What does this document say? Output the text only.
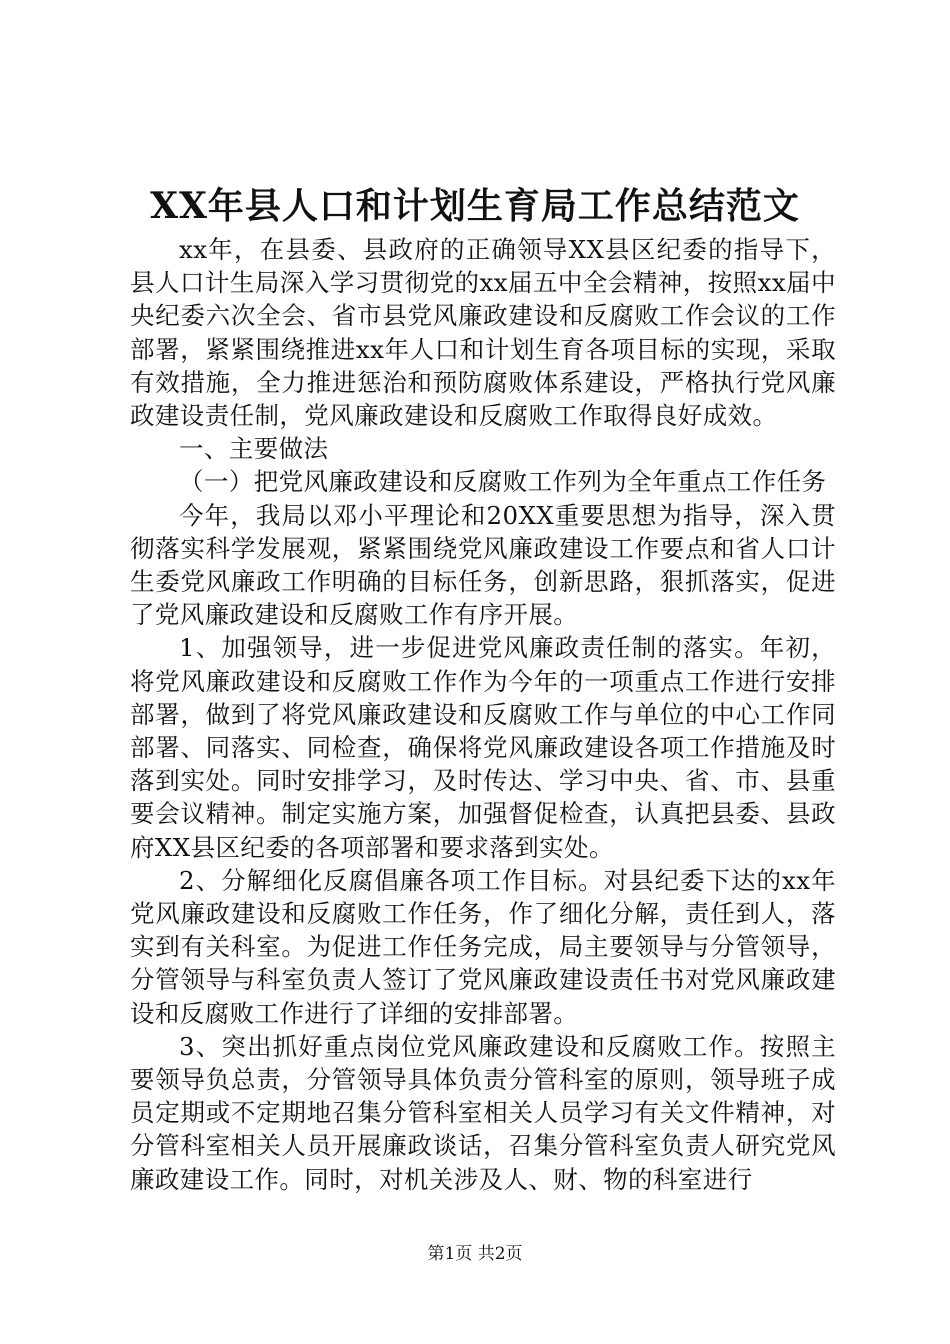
XX年县人口和计划生育局工作总结范文

xx年，在县委、县政府的正确领导XX县区纪委的指导下，县人口计生局深入学习贯彻党的xx届五中全会精神，按照xx届中央纪委六次全会、省市县党风廉政建设和反腐败工作会议的工作部署，紧紧围绕推进xx年人口和计划生育各项目标的实现，采取有效措施，全力推进惩治和预防腐败体系建设，严格执行党风廉政建设责任制，党风廉政建设和反腐败工作取得良好成效。

一、主要做法

（一）把党风廉政建设和反腐败工作列为全年重点工作任务

今年，我局以邓小平理论和20XX重要思想为指导，深入贯彻落实科学发展观，紧紧围绕党风廉政建设工作要点和省人口计生委党风廉政工作明确的目标任务，创新思路，狠抓落实，促进了党风廉政建设和反腐败工作有序开展。

1、加强领导，进一步促进党风廉政责任制的落实。年初，将党风廉政建设和反腐败工作作为今年的一项重点工作进行安排部署，做到了将党风廉政建设和反腐败工作与单位的中心工作同部署、同落实、同检查，确保将党风廉政建设各项工作措施及时落到实处。同时安排学习，及时传达、学习中央、省、市、县重要会议精神。制定实施方案，加强督促检查，认真把县委、县政府XX县区纪委的各项部署和要求落到实处。

2、分解细化反腐倡廉各项工作目标。对县纪委下达的xx年党风廉政建设和反腐败工作任务，作了细化分解，责任到人，落实到有关科室。为促进工作任务完成，局主要领导与分管领导，分管领导与科室负责人签订了党风廉政建设责任书对党风廉政建设和反腐败工作进行了详细的安排部署。

3、突出抓好重点岗位党风廉政建设和反腐败工作。按照主要领导负总责，分管领导具体负责分管科室的原则，领导班子成员定期或不定期地召集分管科室相关人员学习有关文件精神，对分管科室相关人员开展廉政谈话，召集分管科室负责人研究党风廉政建设工作。同时，对机关涉及人、财、物的科室进行

第1页 共2页
